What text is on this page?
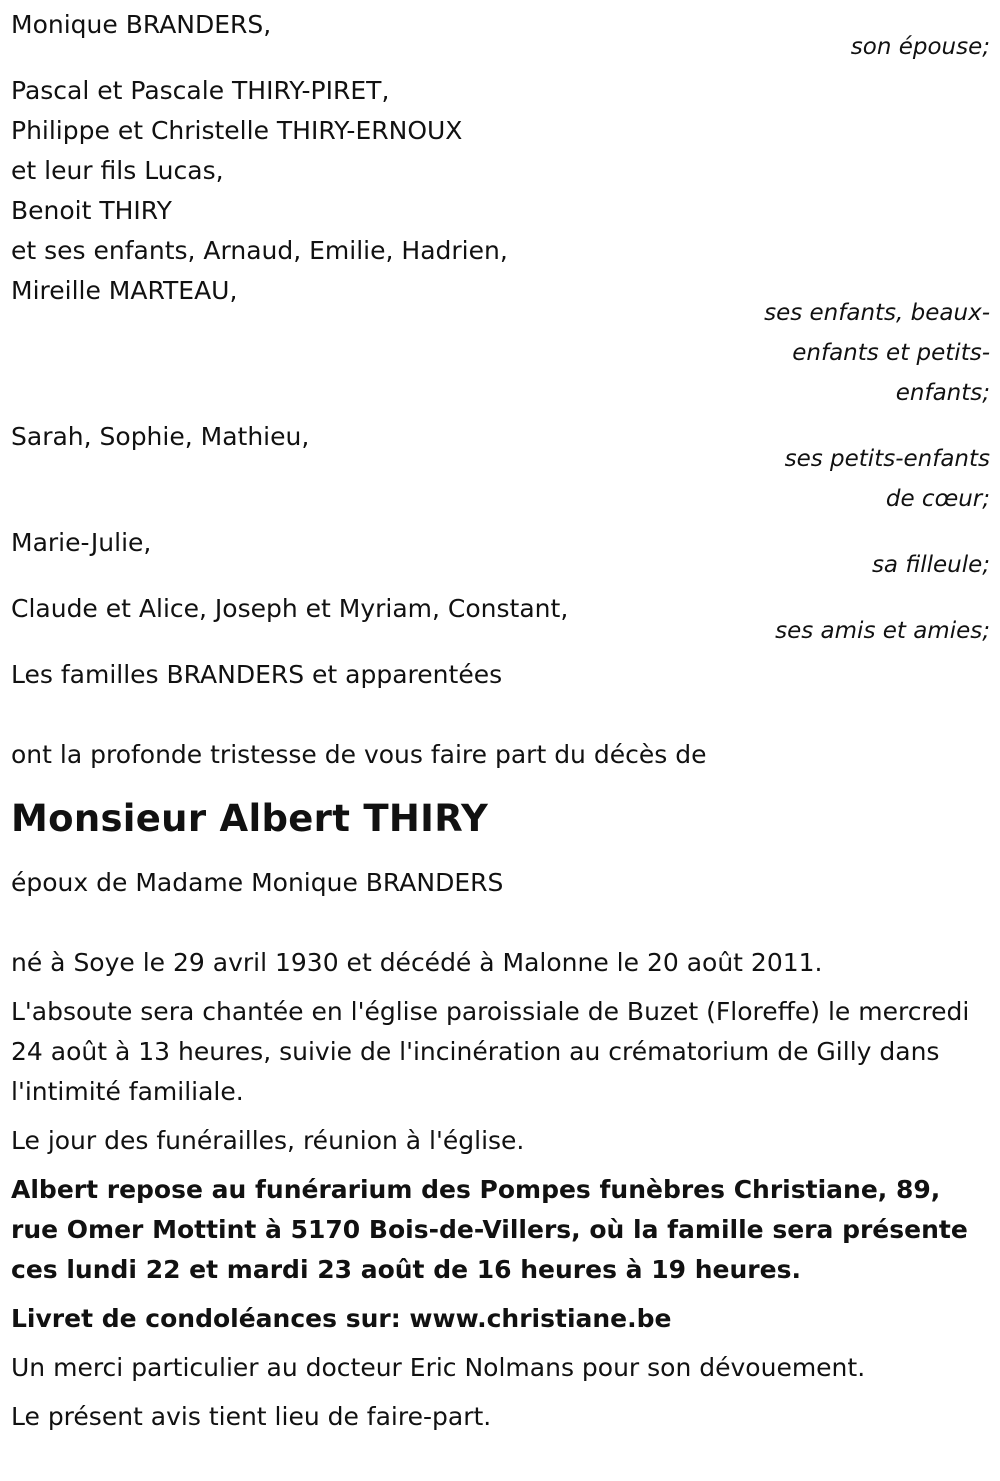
Monique BRANDERS,
son épouse;
Pascal et Pascale THIRY-PIRET,
Philippe et Christelle THIRY-ERNOUX
et leur fils Lucas,
Benoit THIRY
et ses enfants, Arnaud, Emilie, Hadrien,
Mireille MARTEAU,
ses enfants, beaux-
enfants et petits-
enfants;
Sarah, Sophie, Mathieu,
ses petits-enfants
de cœur;
Marie-Julie,
sa filleule;
Claude et Alice, Joseph et Myriam, Constant,
ses amis et amies;

Les familles BRANDERS et apparentées

ont la profonde tristesse de vous faire part du décès de

Monsieur Albert THIRY

époux de Madame Monique BRANDERS

né à Soye le 29 avril 1930 et décédé à Malonne le 20 août 2011.

L'absoute sera chantée en l'église paroissiale de Buzet (Floreffe) le mercredi 24 août à 13 heures, suivie de l'incinération au crématorium de Gilly dans l'intimité familiale.

Le jour des funérailles, réunion à l'église.

Albert repose au funérarium des Pompes funèbres Christiane, 89, rue Omer Mottint à 5170 Bois-de-Villers, où la famille sera présente ces lundi 22 et mardi 23 août de 16 heures à 19 heures.

Livret de condoléances sur: www.christiane.be

Un merci particulier au docteur Eric Nolmans pour son dévouement.

Le présent avis tient lieu de faire-part.
